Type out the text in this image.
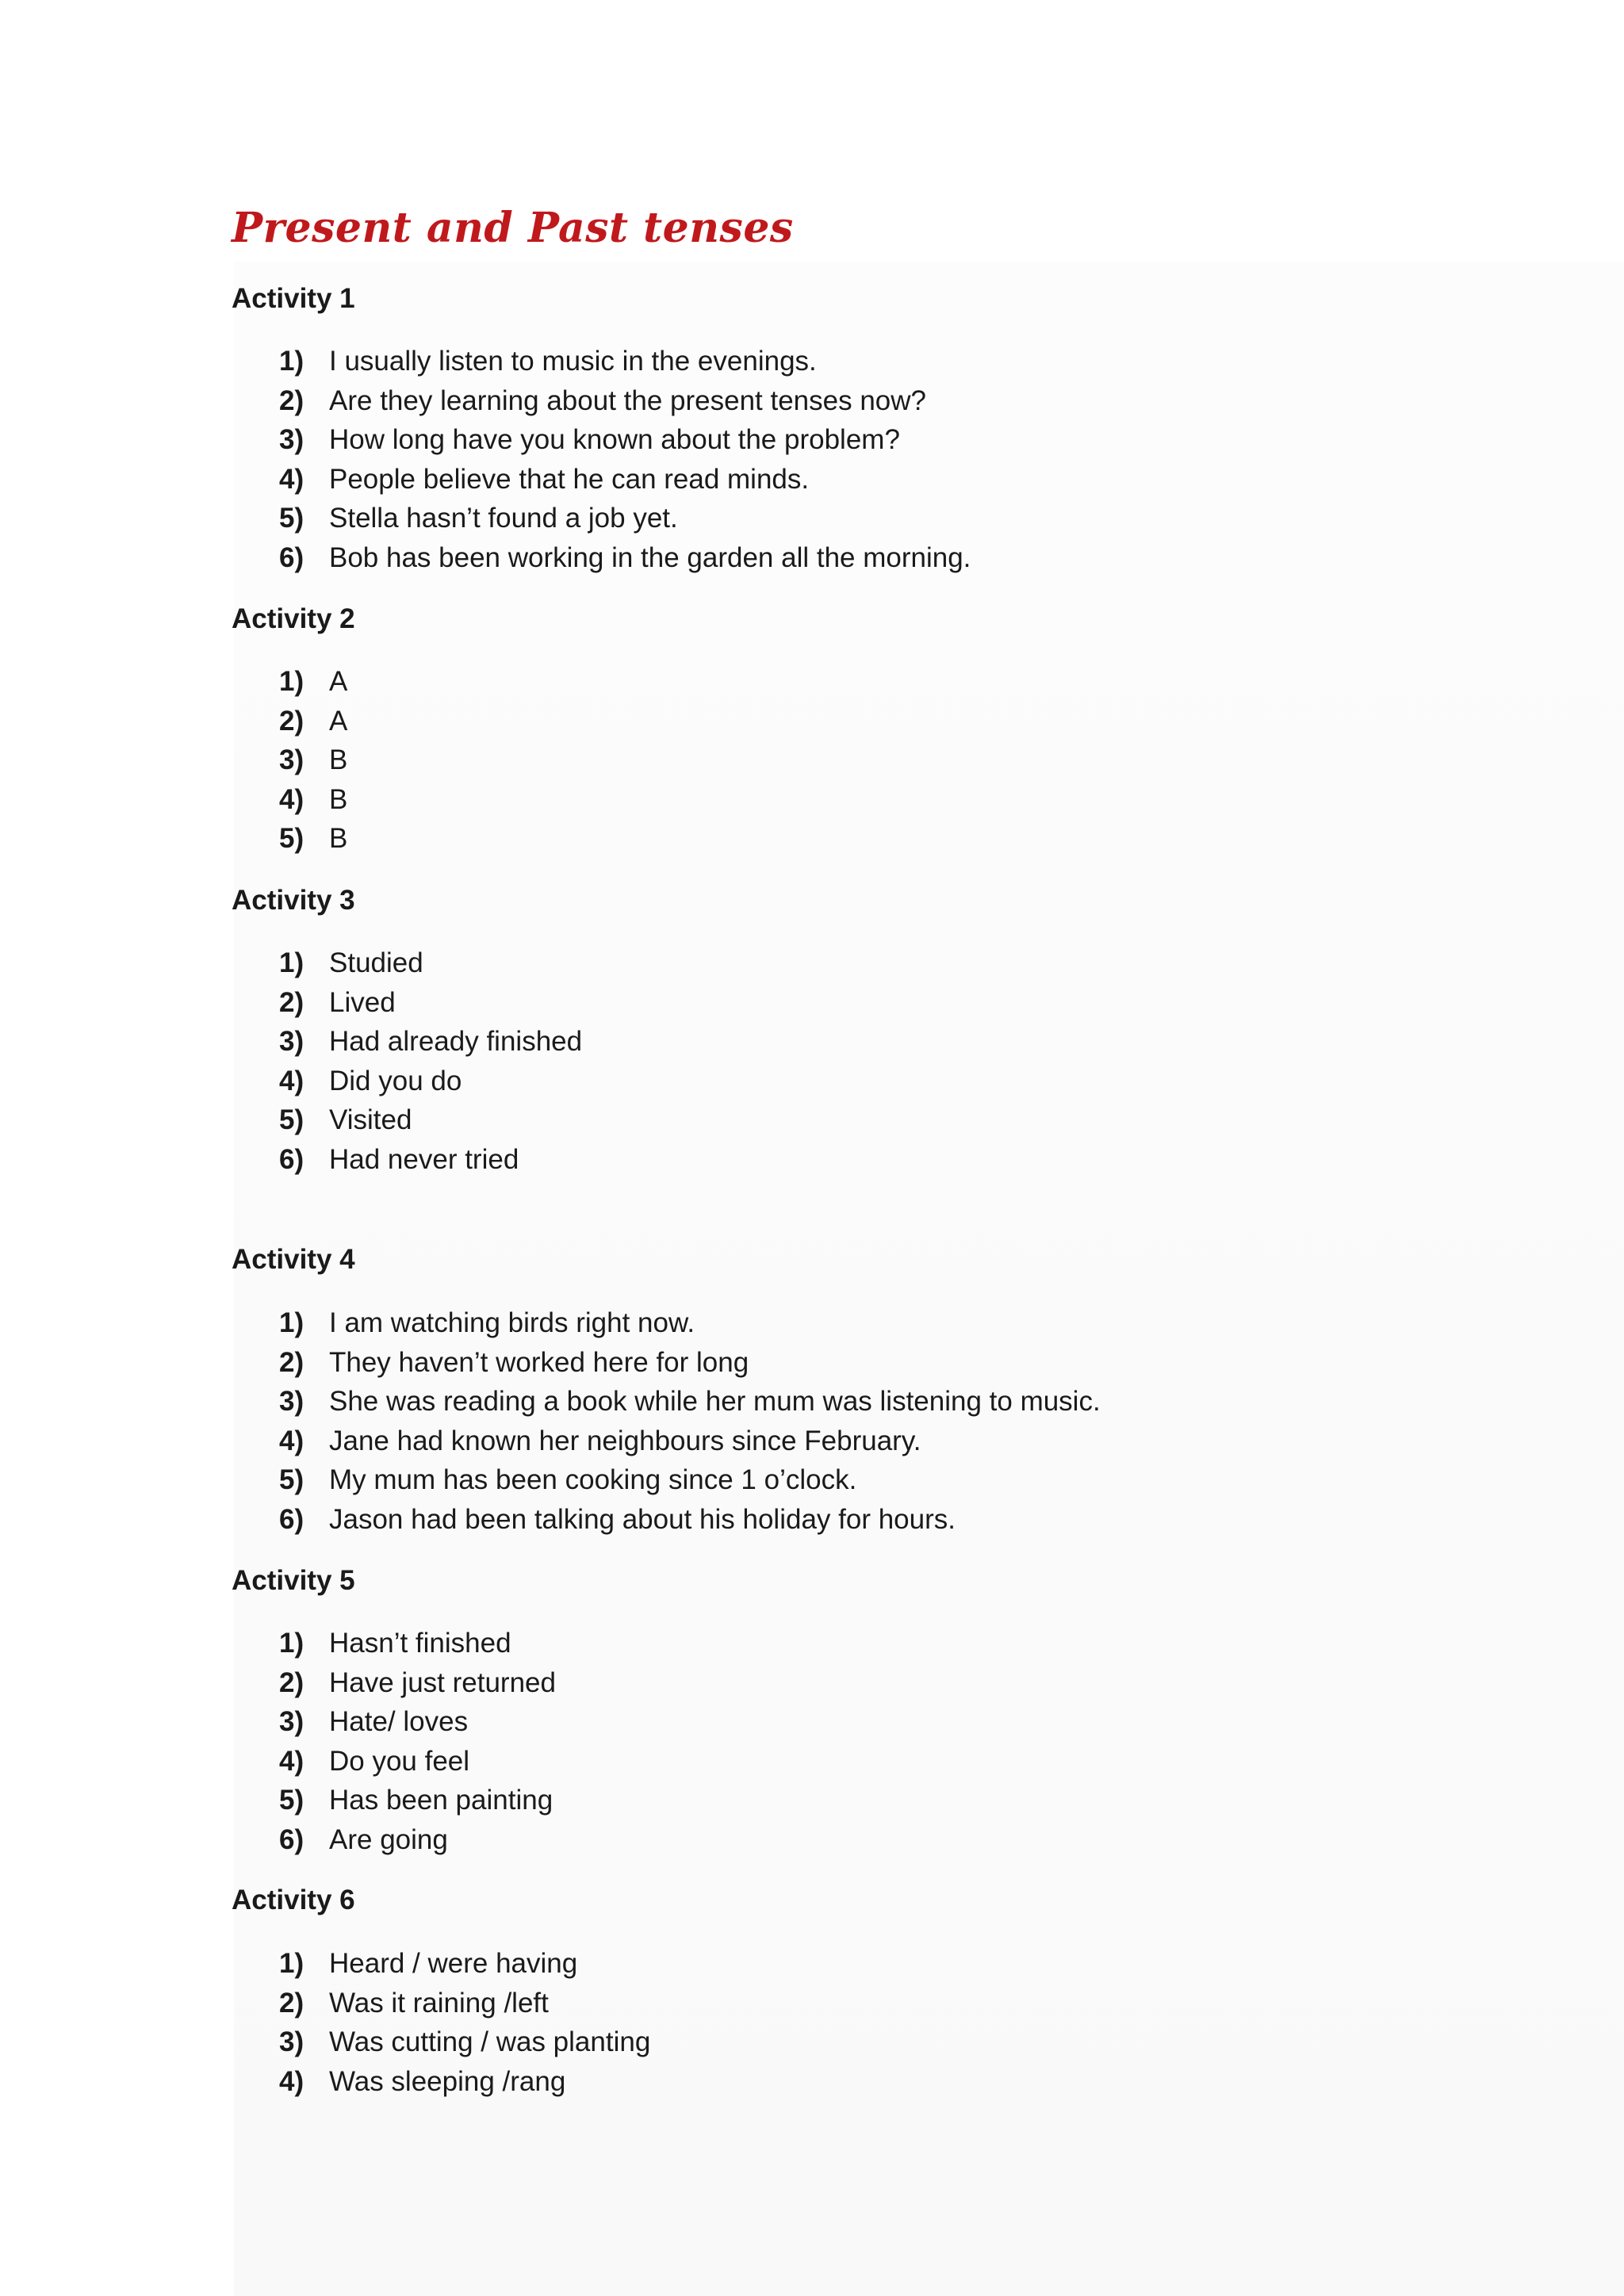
Present and Past tenses
Activity 1
1) I usually listen to music in the evenings.
2) Are they learning about the present tenses now?
3) How long have you known about the problem?
4) People believe that he can read minds.
5) Stella hasn’t found a job yet.
6) Bob has been working in the garden all the morning.
Activity 2
1) A
2) A
3) B
4) B
5) B
Activity 3
1) Studied
2) Lived
3) Had already finished
4) Did you do
5) Visited
6) Had never tried
Activity 4
1) I am watching birds right now.
2) They haven’t worked here for long
3) She was reading a book while her mum was listening to music.
4) Jane had known her neighbours since February.
5) My mum has been cooking since 1 o’clock.
6) Jason had been talking about his holiday for hours.
Activity 5
1) Hasn’t finished
2) Have just returned
3) Hate/ loves
4) Do you feel
5) Has been painting
6) Are going
Activity 6
1) Heard / were having
2) Was it raining /left
3) Was cutting / was planting
4) Was sleeping /rang
